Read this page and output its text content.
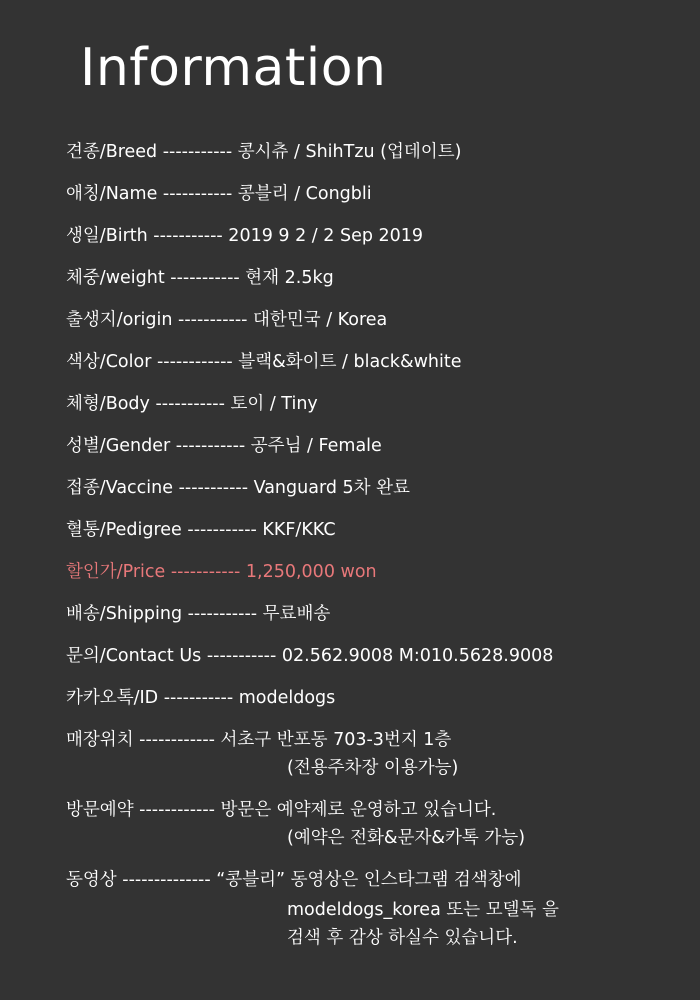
Information
견종/Breed ----------- 콩시츄 / ShihTzu (업데이트)
애칭/Name ----------- 콩블리 / Congbli
생일/Birth ----------- 2019 9 2 / 2 Sep 2019
체중/weight ----------- 현재 2.5kg
출생지/origin ----------- 대한민국 / Korea
색상/Color ------------ 블랙&화이트 / black&white
체형/Body ----------- 토이 / Tiny
성별/Gender ----------- 공주님 / Female
접종/Vaccine ----------- Vanguard 5차 완료
혈통/Pedigree ----------- KKF/KKC
할인가/Price ----------- 1,250,000 won
배송/Shipping ----------- 무료배송
문의/Contact Us ----------- 02.562.9008 M:010.5628.9008
카카오톡/ID ----------- modeldogs
매장위치 ------------ 서초구 반포동 703-3번지 1층
(전용주차장 이용가능)
방문예약 ------------ 방문은 예약제로 운영하고 있습니다.
(예약은 전화&문자&카톡 가능)
동영상 -------------- “콩블리” 동영상은 인스타그램 검색창에
modeldogs_korea 또는 모델독 을
검색 후 감상 하실수 있습니다.
